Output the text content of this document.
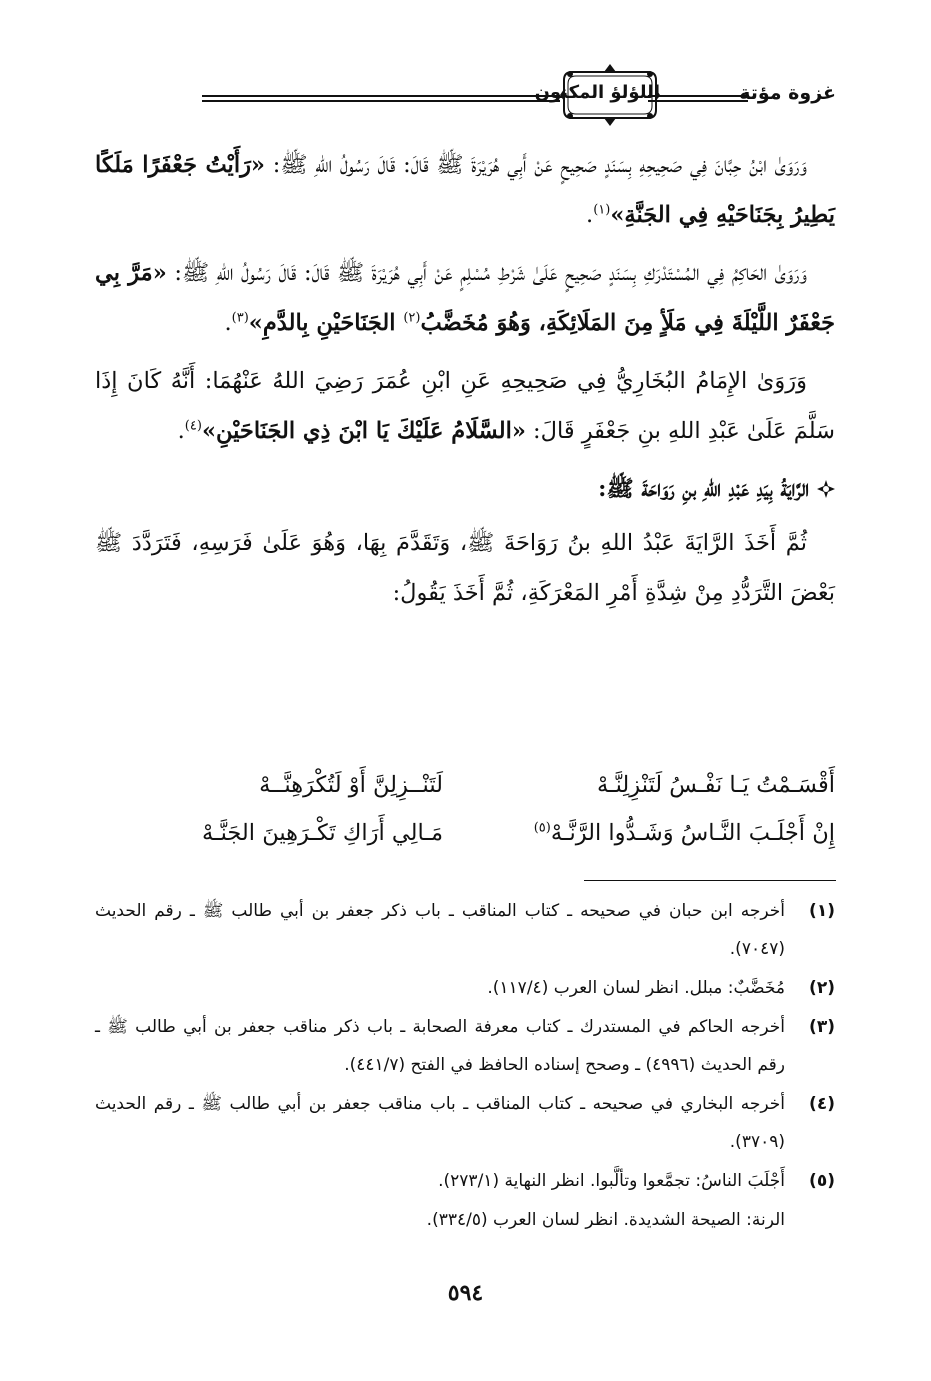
غزوة مؤتة
اللؤلؤ المكنون

وَرَوَىٰ ابْنُ حِبَّانَ فِي صَحِيحِهِ بِسَنَدٍ صَحِيحٍ عَنْ أَبِي هُرَيْرَةَ ﷺ قَالَ: قَالَ رَسُولُ اللهِ ﷺ: «رَأَيْتُ جَعْفَرًا مَلَكًا يَطِيرُ بِجَنَاحَيْهِ فِي الجَنَّةِ»$^{(١)}$.

وَرَوَىٰ الحَاكِمُ فِي المُسْتَدْرَكِ بِسَنَدٍ صَحِيحٍ عَلَىٰ شَرْطِ مُسْلِمٍ عَنْ أَبِي هُرَيْرَةَ ﷺ قَالَ: قَالَ رَسُولُ اللهِ ﷺ: «مَرَّ بِي جَعْفَرٌ اللَّيْلَةَ فِي مَلَأٍ مِنَ المَلَائِكَةِ، وَهُوَ مُخَضَّبُ$^{(٢)}$ الجَنَاحَيْنِ بِالدَّمِ»$^{(٣)}$.

وَرَوَىٰ الإِمَامُ البُخَارِيُّ فِي صَحِيحِهِ عَنِ ابْنِ عُمَرَ رَضِيَ اللهُ عَنْهُمَا: أَنَّهُ كَانَ إِذَا سَلَّمَ عَلَىٰ عَبْدِ اللهِ بنِ جَعْفَرٍ قَالَ: «السَّلَامُ عَلَيْكَ يَا ابْنَ ذِي الجَنَاحَيْنِ»$^{(٤)}$.

الرَّايَةُ بِيَدِ عَبْدِ اللهِ بنِ رَوَاحَةَ ﷺ:

ثُمَّ أَخَذَ الرَّايَةَ عَبْدُ اللهِ بنُ رَوَاحَةَ ﷺ، وَتَقَدَّمَ بِهَا، وَهُوَ عَلَىٰ فَرَسِهِ، فَتَرَدَّدَ ﷺ بَعْضَ التَّرَدُّدِ مِنْ شِدَّةِ أَمْرِ المَعْرَكَةِ، ثُمَّ أَخَذَ يَقُولُ:

أَقْسَـمْتُ يَـا نَفْـسُ لَتَنْزِلِنَّـهْ
لَتَنْــزِلِنَّ أَوْ لَتُكْرَهِنَّــهْ
إِنْ أَجْلَـبَ النَّـاسُ وَشَـدُّوا الرَّنَّـهْ$^{(٥)}$
مَـالِي أَرَاكِ تَكْـرَهِينَ الجَنَّـهْ
(١)
أخرجه ابن حبان في صحيحه ـ كتاب المناقب ـ باب ذكر جعفر بن أبي طالب ﷺ ـ رقم الحديث (٧٠٤٧).
(٢)
مُخَضَّبٌ: مبلل. انظر لسان العرب (١١٧/٤).
(٣)
أخرجه الحاكم في المستدرك ـ كتاب معرفة الصحابة ـ باب ذكر مناقب جعفر بن أبي طالب ﷺ ـ رقم الحديث (٤٩٩٦) ـ وصحح إسناده الحافظ في الفتح (٤٤١/٧).
(٤)
أخرجه البخاري في صحيحه ـ كتاب المناقب ـ باب مناقب جعفر بن أبي طالب ﷺ ـ رقم الحديث (٣٧٠٩).
(٥)
أَجْلَبَ الناسُ: تجمَّعوا وتألَّبوا. انظر النهاية (٢٧٣/١).

الرنة: الصيحة الشديدة. انظر لسان العرب (٣٣٤/٥).

٥٩٤
